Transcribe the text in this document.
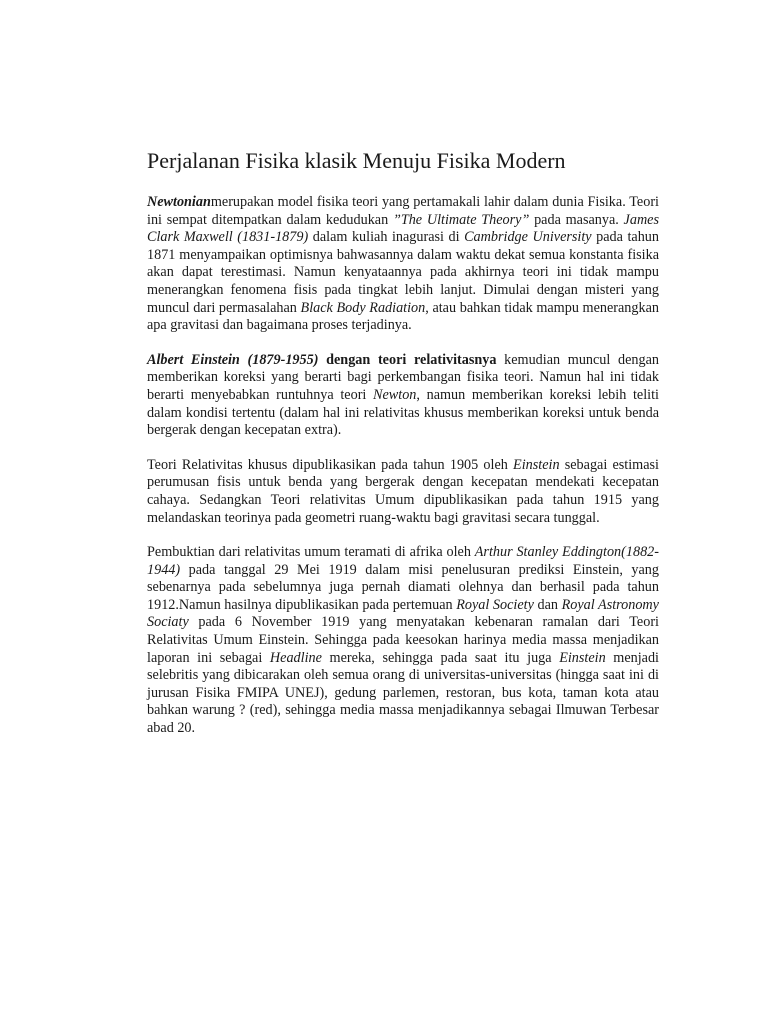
Perjalanan Fisika klasik Menuju Fisika Modern

Newtonianmerupakan model fisika teori yang pertamakali lahir dalam dunia Fisika. Teori ini sempat ditempatkan dalam kedudukan ”The Ultimate Theory” pada masanya. James Clark Maxwell (1831-1879) dalam kuliah inagurasi di Cambridge University pada tahun 1871 menyampaikan optimisnya bahwasannya dalam waktu dekat semua konstanta fisika akan dapat terestimasi. Namun kenyataannya pada akhirnya teori ini tidak mampu menerangkan fenomena fisis pada tingkat lebih lanjut. Dimulai dengan misteri yang muncul dari permasalahan Black Body Radiation, atau bahkan tidak mampu menerangkan apa gravitasi dan bagaimana proses terjadinya.

Albert Einstein (1879-1955) dengan teori relativitasnya kemudian muncul dengan memberikan koreksi yang berarti bagi perkembangan fisika teori. Namun hal ini tidak berarti menyebabkan runtuhnya teori Newton, namun memberikan koreksi lebih teliti dalam kondisi tertentu (dalam hal ini relativitas khusus memberikan koreksi untuk benda bergerak dengan kecepatan extra).

Teori Relativitas khusus dipublikasikan pada tahun 1905 oleh Einstein sebagai estimasi perumusan fisis untuk benda yang bergerak dengan kecepatan mendekati kecepatan cahaya. Sedangkan Teori relativitas Umum dipublikasikan pada tahun 1915 yang melandaskan teorinya pada geometri ruang-waktu bagi gravitasi secara tunggal.

Pembuktian dari relativitas umum teramati di afrika oleh Arthur Stanley Eddington(1882-1944) pada tanggal 29 Mei 1919 dalam misi penelusuran prediksi Einstein, yang sebenarnya pada sebelumnya juga pernah diamati olehnya dan berhasil pada tahun 1912.Namun hasilnya dipublikasikan pada pertemuan Royal Society dan Royal Astronomy Sociaty pada 6 November 1919 yang menyatakan kebenaran ramalan dari Teori Relativitas Umum Einstein. Sehingga pada keesokan harinya media massa menjadikan laporan ini sebagai Headline mereka, sehingga pada saat itu juga Einstein menjadi selebritis yang dibicarakan oleh semua orang di universitas-universitas (hingga saat ini di jurusan Fisika FMIPA UNEJ), gedung parlemen, restoran, bus kota, taman kota atau bahkan warung ? (red), sehingga media massa menjadikannya sebagai Ilmuwan Terbesar abad 20.
